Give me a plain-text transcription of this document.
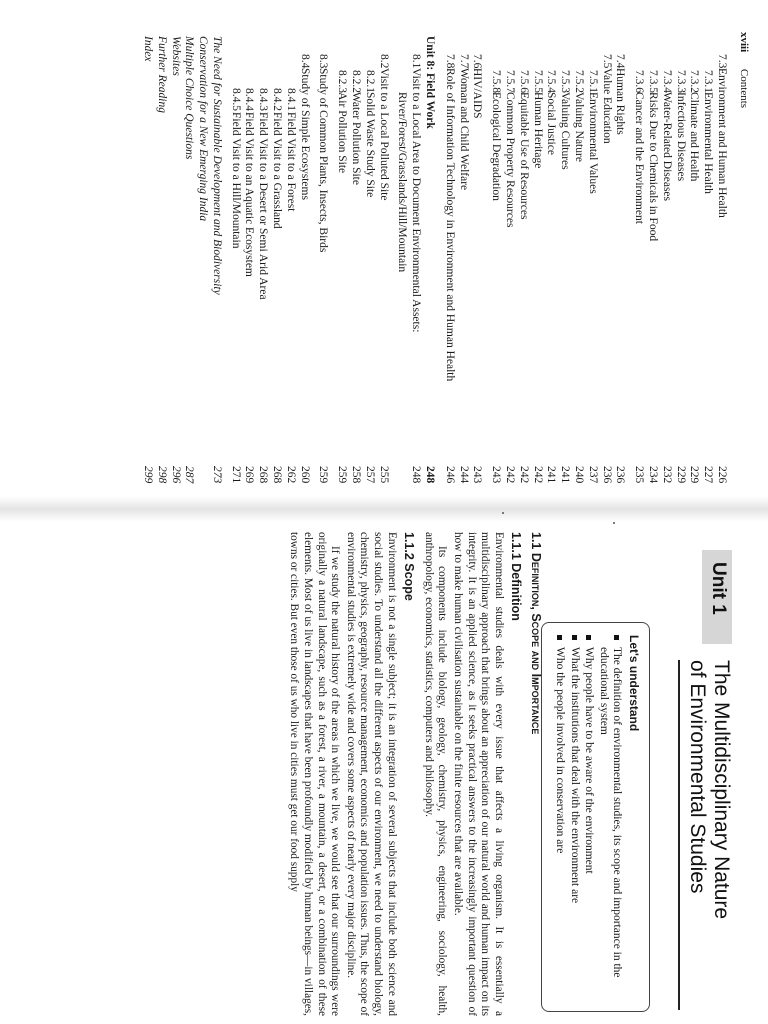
xviii Contents
7.3Environment and Human Health
226
7.3.1Environmental Health
227
7.3.2Climate and Health
229
7.3.3Infectious Diseases
229
7.3.4Water-Related Diseases
232
7.3.5Risks Due to Chemicals in Food
234
7.3.6Cancer and the Environment
235
7.4Human Rights
236
7.5Value Education
236
7.5.1Environmental Values
237
7.5.2Valuing Nature
240
7.5.3Valuing Cultures
241
7.5.4Social Justice
241
7.5.5Human Heritage
242
7.5.6Equitable Use of Resources
242
7.5.7Common Property Resources
242
7.5.8Ecological Degradation
243
7.6HIV/AIDS
243
7.7Woman and Child Welfare
244
7.8Role of Information Technology in Environment and Human Health
246
Unit 8: Field Work
248
8.1Visit to a Local Area to Document Environmental Assets:
248
River/Forest/Grasslands/Hill/Mountain
8.2Visit to a Local Polluted Site
255
8.2.1Solid Waste Study Site
257
8.2.2Water Pollution Site
258
8.2.3Air Pollution Site
259
8.3Study of Common Plants, Insects, Birds
259
8.4Study of Simple Ecosystems
260
8.4.1Field Visit to a Forest
262
8.4.2Field Visit to a Grassland
268
8.4.3Field Visit to a Desert or Semi Arid Area
268
8.4.4Field Visit to an Aquatic Ecosystem
269
8.4.5Field Visit to a Hill/Mountain
271
The Need for Sustainable Development and Biodiversity
273
Conservation for a New Emerging India
Multiple Choice Questions
287
Websites
296
Further Reading
298
Index
299
Unit 1
The Multidisciplinary Nature
of Environmental Studies
Let's understand
The definition of environmental studies, its scope and importance in the educational system
Why people have to be aware of the environment
What the institutions that deal with the environment are
Who the people involved in conservation are
1.1 Definition, Scope and Importance
1.1.1 Definition

Environmental studies deals with every issue that affects a living organism. It is essentially a multidisciplinary approach that brings about an appreciation of our natural world and human impact on its integrity. It is an applied science, as it seeks practical answers to the increasingly important question of how to make human civilisation sustainable on the finite resources that are available.

Its components include biology, geology, chemistry, physics, engineering, sociology, health, anthropology, economics, statistics, computers and philosophy.

1.1.2 Scope

Environment is not a single subject; it is an integration of several subjects that include both science and social studies. To understand all the different aspects of our environment, we need to understand biology, chemistry, physics, geography, resource management, economics and population issues. Thus, the scope of environmental studies is extremely wide and covers some aspects of nearly every major discipline.

If we study the natural history of the areas in which we live, we would see that our surroundings were originally a natural landscape, such as a forest, a river, a mountain, a desert, or a combination of these elements. Most of us live in landscapes that have been profoundly modified by human beings—in villages, towns or cities. But even those of us who live in cities must get our food supply
